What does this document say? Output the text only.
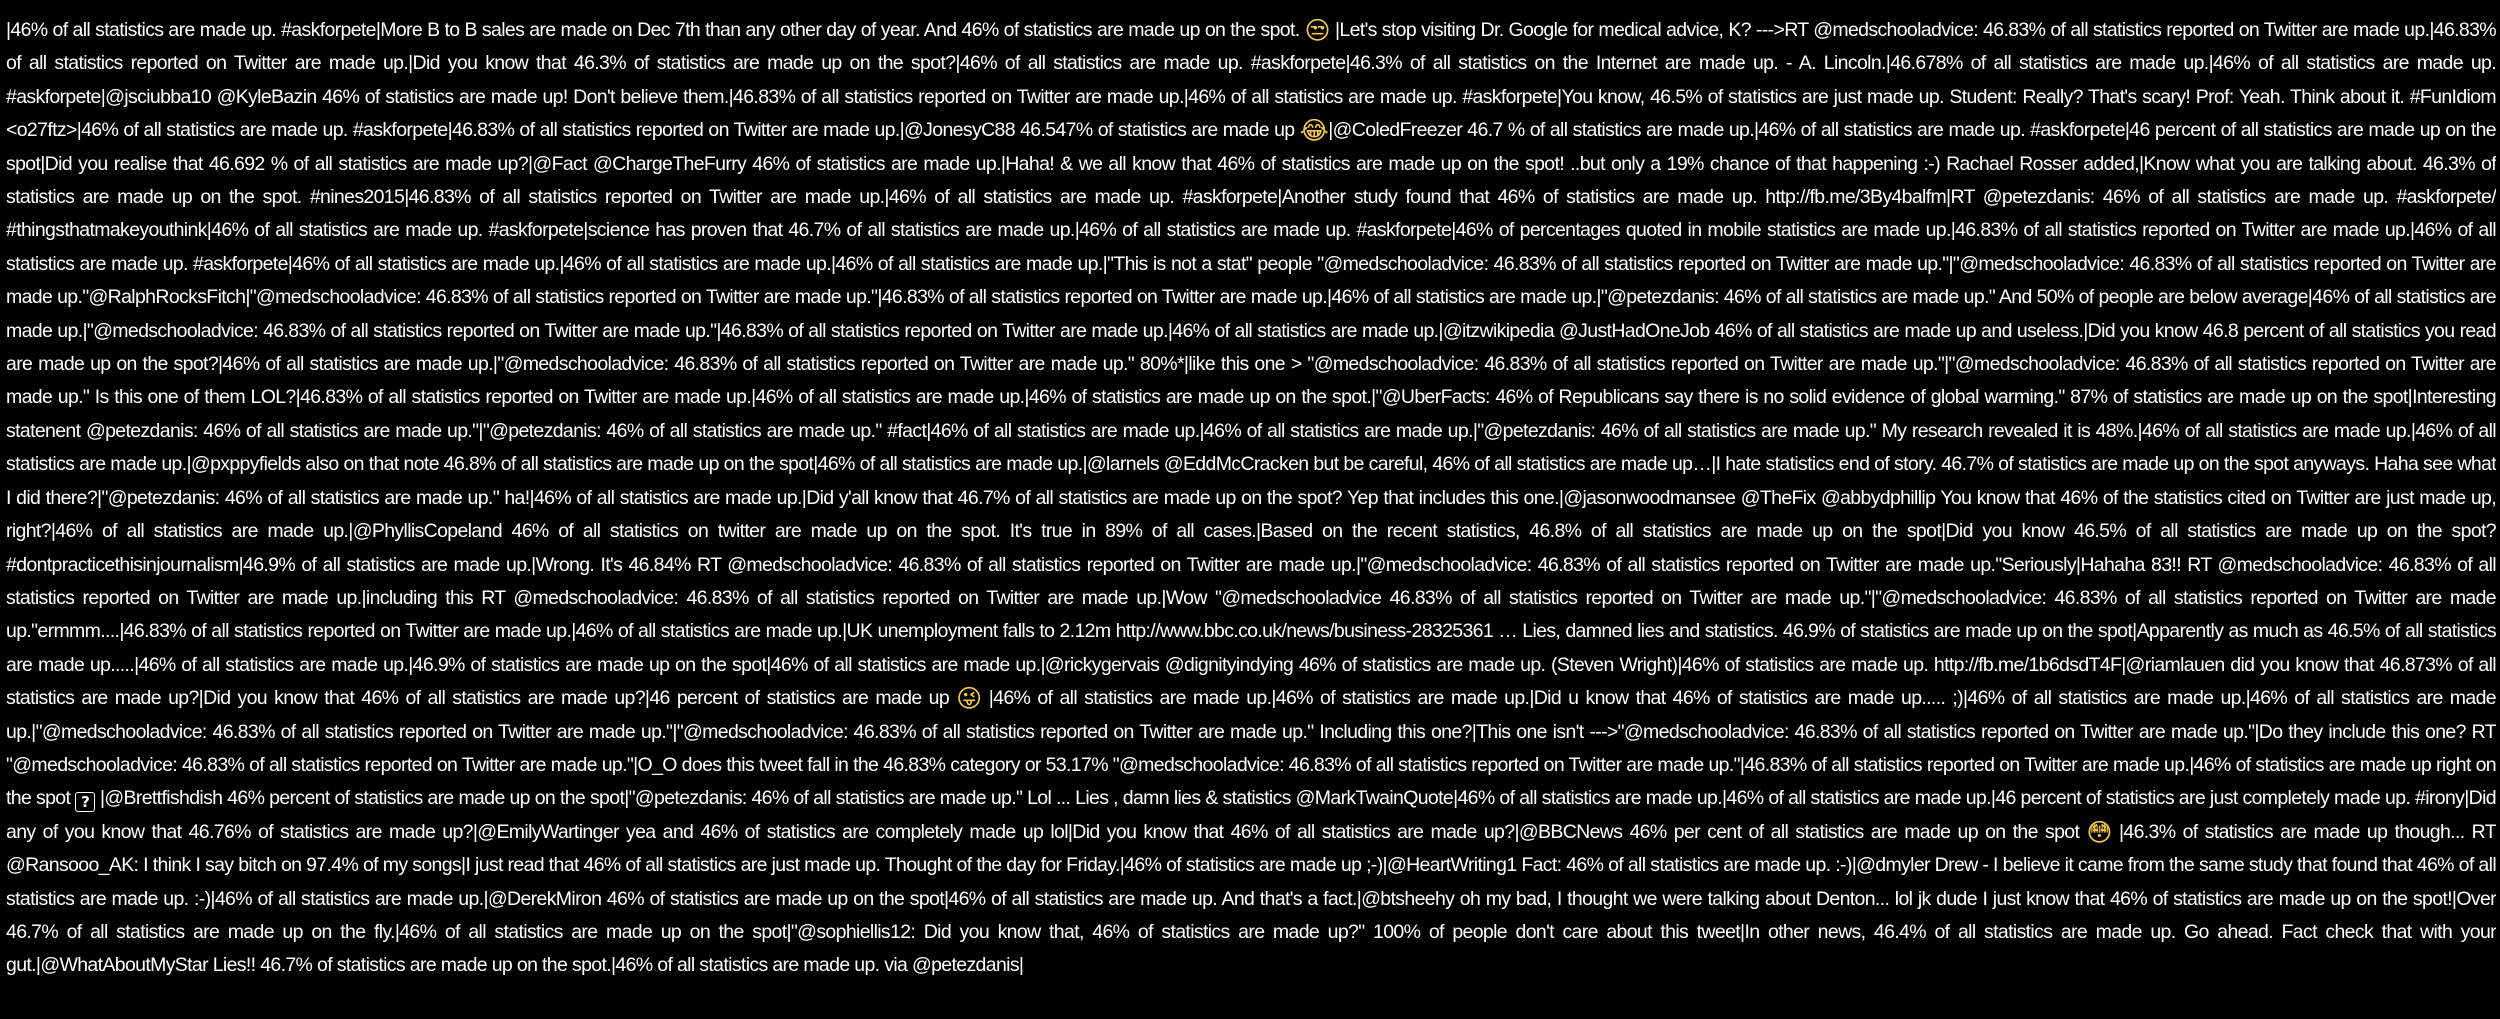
|46% of all statistics are made up. #askforpete|More B to B sales are made on Dec 7th than any other day of year. And 46% of statistics are made up on the spot. 😒 |Let's stop visiting Dr. Google for medical advice, K? --->RT @medschooladvice: 46.83% of all statistics reported on Twitter are made up.|46.83% of all statistics reported on Twitter are made up.|Did you know that 46.3% of statistics are made up on the spot?|46% of all statistics are made up. #askforpete|46.3% of all statistics on the Internet are made up. - A. Lincoln.|46.678% of all statistics are made up.|46% of all statistics are made up. #askforpete|@jsciubba10 @KyleBazin 46% of statistics are made up! Don't believe them.|46.83% of all statistics reported on Twitter are made up.|46% of all statistics are made up. #askforpete|You know, 46.5% of statistics are just made up. Student: Really? That's scary! Prof: Yeah. Think about it. #FunIdiom <o27ftz>|46% of all statistics are made up. #askforpete|46.83% of all statistics reported on Twitter are made up.|@JonesyC88 46.547% of statistics are made up 😂|@ColedFreezer 46.7 % of all statistics are made up.|46% of all statistics are made up. #askforpete|46 percent of all statistics are made up on the spot|Did you realise that 46.692 % of all statistics are made up?|@Fact @ChargeTheFurry 46% of statistics are made up.|Haha! & we all know that 46% of statistics are made up on the spot! ..but only a 19% chance of that happening :-) Rachael Rosser added,|Know what you are talking about. 46.3% of statistics are made up on the spot. #nines2015|46.83% of all statistics reported on Twitter are made up.|46% of all statistics are made up. #askforpete|Another study found that 46% of statistics are made up. http://fb.me/3By4balfm|RT @petezdanis: 46% of all statistics are made up. #askforpete/ #thingsthatmakeyouthink|46% of all statistics are made up. #askforpete|science has proven that 46.7% of all statistics are made up.|46% of all statistics are made up. #askforpete|46% of percentages quoted in mobile statistics are made up.|46.83% of all statistics reported on Twitter are made up.|46% of all statistics are made up. #askforpete|46% of all statistics are made up.|46% of all statistics are made up.|46% of all statistics are made up.|"This is not a stat" people "@medschooladvice: 46.83% of all statistics reported on Twitter are made up."|"@medschooladvice: 46.83% of all statistics reported on Twitter are made up."@RalphRocksFitch|"@medschooladvice: 46.83% of all statistics reported on Twitter are made up."|46.83% of all statistics reported on Twitter are made up.|46% of all statistics are made up.|"@petezdanis: 46% of all statistics are made up." And 50% of people are below average|46% of all statistics are made up.|"@medschooladvice: 46.83% of all statistics reported on Twitter are made up."|46.83% of all statistics reported on Twitter are made up.|46% of all statistics are made up.|@itzwikipedia @JustHadOneJob 46% of all statistics are made up and useless.|Did you know 46.8 percent of all statistics you read are made up on the spot?|46% of all statistics are made up.|"@medschooladvice: 46.83% of all statistics reported on Twitter are made up." 80%*|like this one > "@medschooladvice: 46.83% of all statistics reported on Twitter are made up."|"@medschooladvice: 46.83% of all statistics reported on Twitter are made up." Is this one of them LOL?|46.83% of all statistics reported on Twitter are made up.|46% of all statistics are made up.|46% of statistics are made up on the spot.|"@UberFacts: 46% of Republicans say there is no solid evidence of global warming." 87% of statistics are made up on the spot|Interesting statenent @petezdanis: 46% of all statistics are made up."|"@petezdanis: 46% of all statistics are made up." #fact|46% of all statistics are made up.|46% of all statistics are made up.|"@petezdanis: 46% of all statistics are made up." My research revealed it is 48%.|46% of all statistics are made up.|46% of all statistics are made up.|@pxppyfields also on that note 46.8% of all statistics are made up on the spot|46% of all statistics are made up.|@larnels @EddMcCracken but be careful, 46% of all statistics are made up…|I hate statistics end of story. 46.7% of statistics are made up on the spot anyways. Haha see what I did there?|"@petezdanis: 46% of all statistics are made up." ha!|46% of all statistics are made up.|Did y'all know that 46.7% of all statistics are made up on the spot? Yep that includes this one.|@jasonwoodmansee @TheFix @abbydphillip You know that 46% of the statistics cited on Twitter are just made up, right?|46% of all statistics are made up.|@PhyllisCopeland 46% of all statistics on twitter are made up on the spot. It's true in 89% of all cases.|Based on the recent statistics, 46.8% of all statistics are made up on the spot|Did you know 46.5% of all statistics are made up on the spot? #dontpracticethisinjournalism|46.9% of all statistics are made up.|Wrong. It's 46.84% RT @medschooladvice: 46.83% of all statistics reported on Twitter are made up.|"@medschooladvice: 46.83% of all statistics reported on Twitter are made up."Seriously|Hahaha 83!! RT @medschooladvice: 46.83% of all statistics reported on Twitter are made up.|including this RT @medschooladvice: 46.83% of all statistics reported on Twitter are made up.|Wow "@medschooladvice 46.83% of all statistics reported on Twitter are made up."|"@medschooladvice: 46.83% of all statistics reported on Twitter are made up."ermmm....|46.83% of all statistics reported on Twitter are made up.|46% of all statistics are made up.|UK unemployment falls to 2.12m http://www.bbc.co.uk/news/business-28325361 … Lies, damned lies and statistics. 46.9% of statistics are made up on the spot|Apparently as much as 46.5% of all statistics are made up.....|46% of all statistics are made up.|46.9% of statistics are made up on the spot|46% of all statistics are made up.|@rickygervais @dignityindying 46% of statistics are made up. (Steven Wright)|46% of statistics are made up. http://fb.me/1b6dsdT4F|@riamlauen did you know that 46.873% of all statistics are made up?|Did you know that 46% of all statistics are made up?|46 percent of statistics are made up 😜 |46% of all statistics are made up.|46% of statistics are made up.|Did u know that 46% of statistics are made up..... ;)|46% of all statistics are made up.|46% of all statistics are made up.|"@medschooladvice: 46.83% of all statistics reported on Twitter are made up."|"@medschooladvice: 46.83% of all statistics reported on Twitter are made up." Including this one?|This one isn't --->"@medschooladvice: 46.83% of all statistics reported on Twitter are made up."|Do they include this one? RT "@medschooladvice: 46.83% of all statistics reported on Twitter are made up."|O_O does this tweet fall in the 46.83% category or 53.17% "@medschooladvice: 46.83% of all statistics reported on Twitter are made up."|46.83% of all statistics reported on Twitter are made up.|46% of statistics are made up right on the spot ? |@Brettfishdish 46% percent of statistics are made up on the spot|"@petezdanis: 46% of all statistics are made up." Lol ... Lies , damn lies & statistics @MarkTwainQuote|46% of all statistics are made up.|46% of all statistics are made up.|46 percent of statistics are just completely made up. #irony|Did any of you know that 46.76% of statistics are made up?|@EmilyWartinger yea and 46% of statistics are completely made up lol|Did you know that 46% of all statistics are made up?|@BBCNews 46% per cent of all statistics are made up on the spot 😳 |46.3% of statistics are made up though... RT @Ransooo_AK: I think I say bitch on 97.4% of my songs|I just read that 46% of all statistics are just made up. Thought of the day for Friday.|46% of statistics are made up ;-)|@HeartWriting1 Fact: 46% of all statistics are made up. :-)|@dmyler Drew - I believe it came from the same study that found that 46% of all statistics are made up. :-)|46% of all statistics are made up.|@DerekMiron 46% of statistics are made up on the spot|46% of all statistics are made up. And that's a fact.|@btsheehy oh my bad, I thought we were talking about Denton... lol jk dude I just know that 46% of statistics are made up on the spot!|Over 46.7% of all statistics are made up on the fly.|46% of all statistics are made up on the spot|"@sophiellis12: Did you know that, 46% of statistics are made up?" 100% of people don't care about this tweet|In other news, 46.4% of all statistics are made up. Go ahead. Fact check that with your gut.|@WhatAboutMyStar Lies!! 46.7% of statistics are made up on the spot.|46% of all statistics are made up. via @petezdanis|
